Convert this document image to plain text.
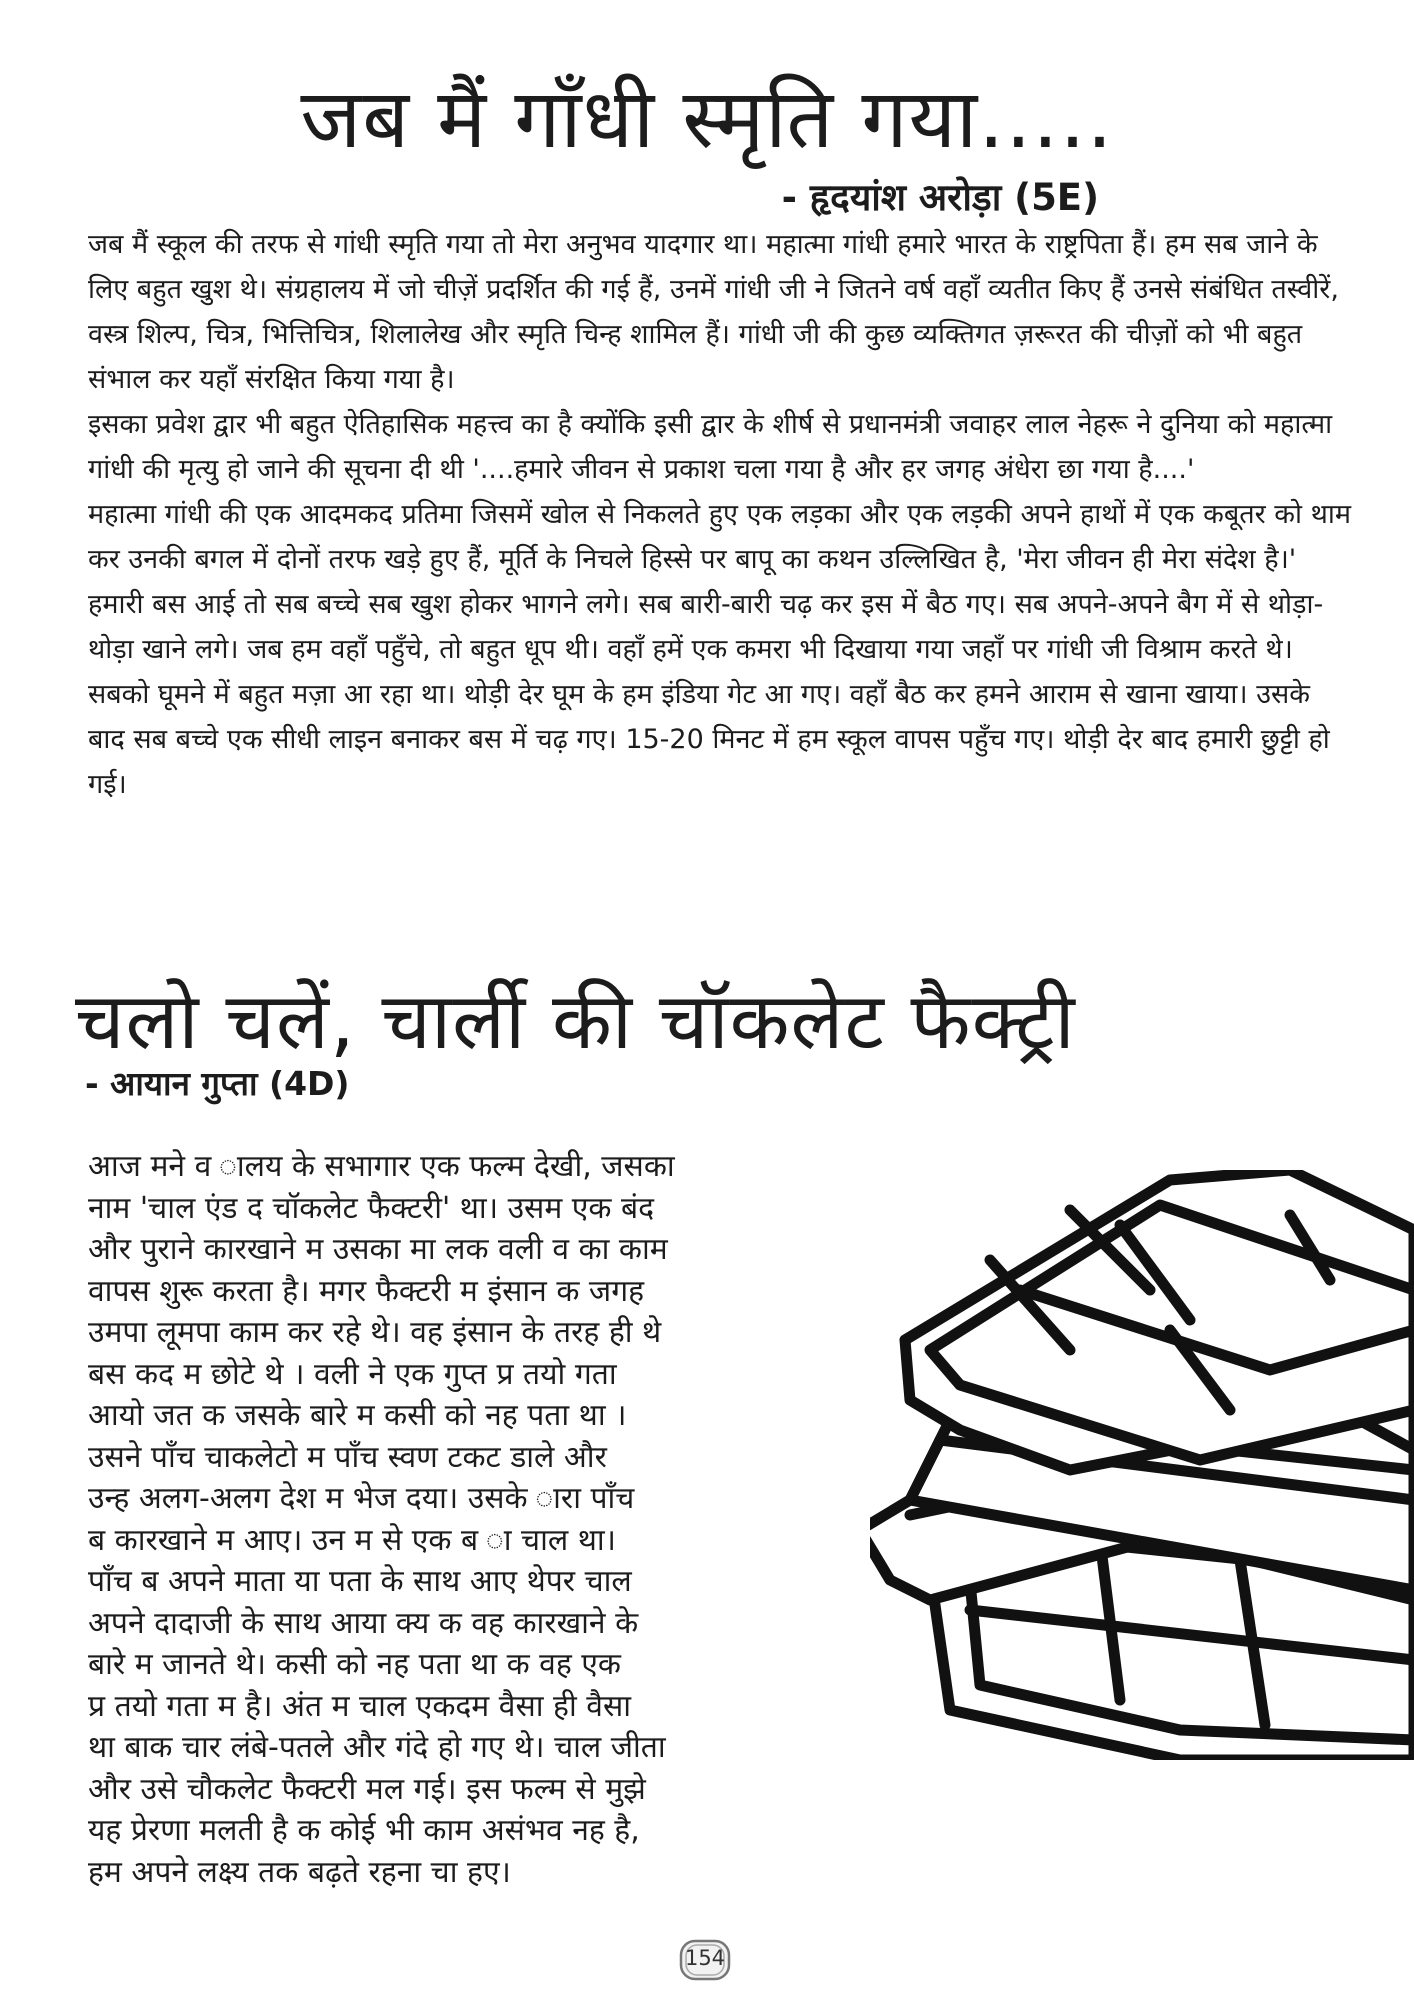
जब मैं गाँधी स्मृति गया.....
- हृदयांश अरोड़ा (5E)

जब मैं स्कूल की तरफ से गांधी स्मृति गया तो मेरा अनुभव यादगार था। महात्मा गांधी हमारे भारत के राष्ट्रपिता हैं। हम सब जाने के लिए बहुत खुश थे। संग्रहालय में जो चीज़ें प्रदर्शित की गई हैं, उनमें गांधी जी ने जितने वर्ष वहाँ व्यतीत किए हैं उनसे संबंधित तस्वीरें, वस्त्र शिल्प, चित्र, भित्तिचित्र, शिलालेख और स्मृति चिन्ह शामिल हैं। गांधी जी की कुछ व्यक्तिगत ज़रूरत की चीज़ों को भी बहुत संभाल कर यहाँ संरक्षित किया गया है।

इसका प्रवेश द्वार भी बहुत ऐतिहासिक महत्त्व का है क्योंकि इसी द्वार के शीर्ष से प्रधानमंत्री जवाहर लाल नेहरू ने दुनिया को महात्मा गांधी की मृत्यु हो जाने की सूचना दी थी '....हमारे जीवन से प्रकाश चला गया है और हर जगह अंधेरा छा गया है....'

महात्मा गांधी की एक आदमकद प्रतिमा जिसमें खोल से निकलते हुए एक लड़का और एक लड़की अपने हाथों में एक कबूतर को थाम कर उनकी बगल में दोनों तरफ खड़े हुए हैं, मूर्ति के निचले हिस्से पर बापू का कथन उल्लिखित है, 'मेरा जीवन ही मेरा संदेश है।' हमारी बस आई तो सब बच्चे सब खुश होकर भागने लगे। सब बारी-बारी चढ़ कर इस में बैठ गए। सब अपने-अपने बैग में से थोड़ा-थोड़ा खाने लगे। जब हम वहाँ पहुँचे, तो बहुत धूप थी। वहाँ हमें एक कमरा भी दिखाया गया जहाँ पर गांधी जी विश्राम करते थे। सबको घूमने में बहुत मज़ा आ रहा था। थोड़ी देर घूम के हम इंडिया गेट आ गए। वहाँ बैठ कर हमने आराम से खाना खाया। उसके बाद सब बच्चे एक सीधी लाइन बनाकर बस में चढ़ गए। 15-20 मिनट में हम स्कूल वापस पहुँच गए। थोड़ी देर बाद हमारी छुट्टी हो गई।

चलो चलें, चार्ली की चॉकलेट फैक्ट्री
- आयान गुप्ता (4D)
आज मने व ालय के सभागार एक फल्म देखी, जसका
नाम 'चाल एंड द चॉकलेट फैक्टरी' था। उसम एक बंद
और पुराने कारखाने म उसका मा लक वली व का काम
वापस शुरू करता है। मगर फैक्टरी म इंसान क जगह
उमपा लूमपा काम कर रहे थे। वह इंसान के तरह ही थे
बस कद म छोटे थे । वली ने एक गुप्त प्र तयो गता
आयो जत क जसके बारे म कसी को नह पता था ।
उसने पाँच चाकलेटो म पाँच स्वण टकट डाले और
उन्ह अलग-अलग देश म भेज दया। उसके ारा पाँच
ब कारखाने म आए। उन म से एक ब ा चाल था।
पाँच ब अपने माता या पता के साथ आए थेपर चाल
अपने दादाजी के साथ आया क्य क वह कारखाने के
बारे म जानते थे। कसी को नह पता था क वह एक
प्र तयो गता म है। अंत म चाल एकदम वैसा ही वैसा
था बाक चार लंबे-पतले और गंदे हो गए थे। चाल जीता
और उसे चौकलेट फैक्टरी मल गई। इस फल्म से मुझे
यह प्रेरणा मलती है क कोई भी काम असंभव नह है,
हम अपने लक्ष्य तक बढ़ते रहना चा हए।
154
